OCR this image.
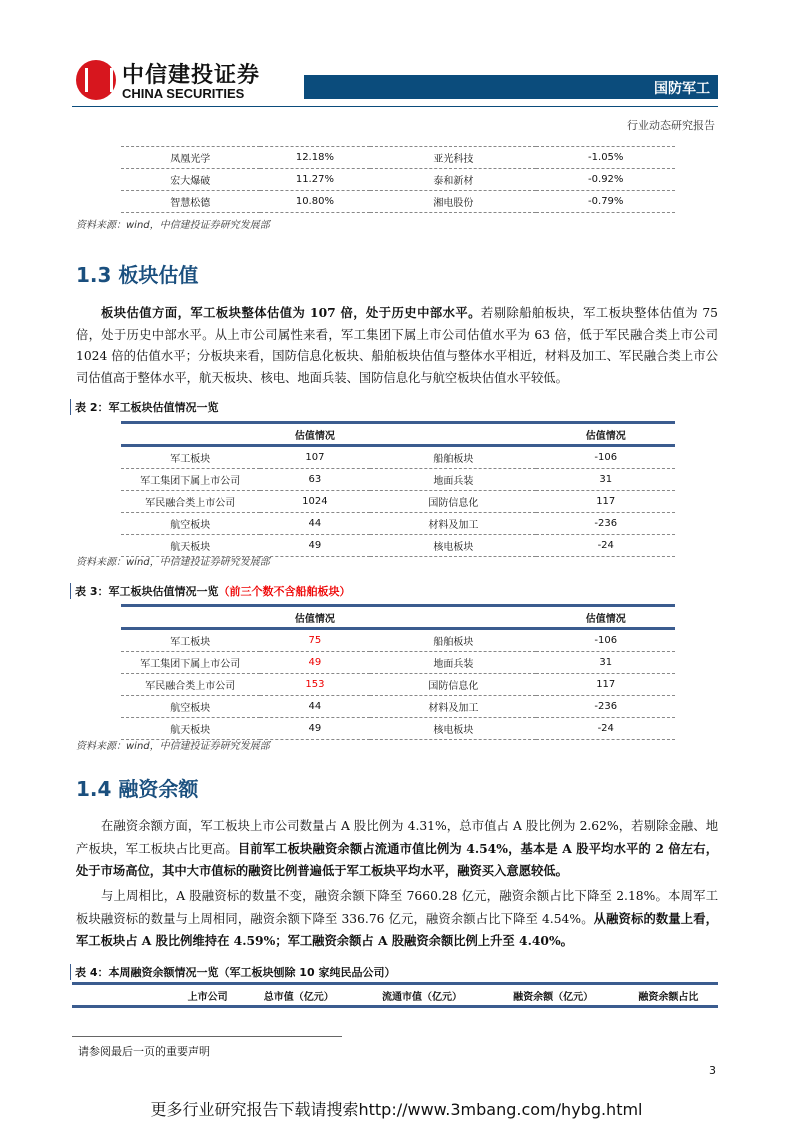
中信建投证券
CHINA SECURITIES	国防军工
行业动态研究报告
凤凰光学	12.18%	亚光科技	-1.05%
宏大爆破	11.27%	泰和新材	-0.92%
智慧松德	10.80%	湘电股份	-0.79%
资料来源：wind，中信建投证券研究发展部
1.3 板块估值
板块估值方面，军工板块整体估值为 107 倍，处于历史中部水平。若剔除船舶板块，军工板块整体估值为 75 倍，处于历史中部水平。从上市公司属性来看，军工集团下属上市公司估值水平为 63 倍，低于军民融合类上市公司 1024 倍的估值水平；分板块来看，国防信息化板块、船舶板块估值与整体水平相近，材料及加工、军民融合类上市公司估值高于整体水平，航天板块、核电、地面兵装、国防信息化与航空板块估值水平较低。
表 2：军工板块估值情况一览
	估值情况		估值情况
军工板块	107	船舶板块	-106
军工集团下属上市公司	63	地面兵装	31
军民融合类上市公司	1024	国防信息化	117
航空板块	44	材料及加工	-236
航天板块	49	核电板块	-24
资料来源：wind，中信建投证券研究发展部
表 3：军工板块估值情况一览（前三个数不含船舶板块）
	估值情况		估值情况
军工板块	75	船舶板块	-106
军工集团下属上市公司	49	地面兵装	31
军民融合类上市公司	153	国防信息化	117
航空板块	44	材料及加工	-236
航天板块	49	核电板块	-24
资料来源：wind，中信建投证券研究发展部
1.4 融资余额
在融资余额方面，军工板块上市公司数量占 A 股比例为 4.31%，总市值占 A 股比例为 2.62%，若剔除金融、地产板块，军工板块占比更高。目前军工板块融资余额占流通市值比例为 4.54%，基本是 A 股平均水平的 2 倍左右，处于市场高位，其中大市值标的融资比例普遍低于军工板块平均水平，融资买入意愿较低。
与上周相比，A 股融资标的数量不变，融资余额下降至 7660.28 亿元，融资余额占比下降至 2.18%。本周军工板块融资标的数量与上周相同，融资余额下降至 336.76 亿元，融资余额占比下降至 4.54%。从融资标的数量上看，军工板块占 A 股比例维持在 4.59%；军工融资余额占 A 股融资余额比例上升至 4.40%。
表 4：本周融资余额情况一览（军工板块刨除 10 家纯民品公司）
	上市公司	总市值（亿元）	流通市值（亿元）	融资余额（亿元）	融资余额占比
请参阅最后一页的重要声明
3
更多行业研究报告下载请搜索http://www.3mbang.com/hybg.html
